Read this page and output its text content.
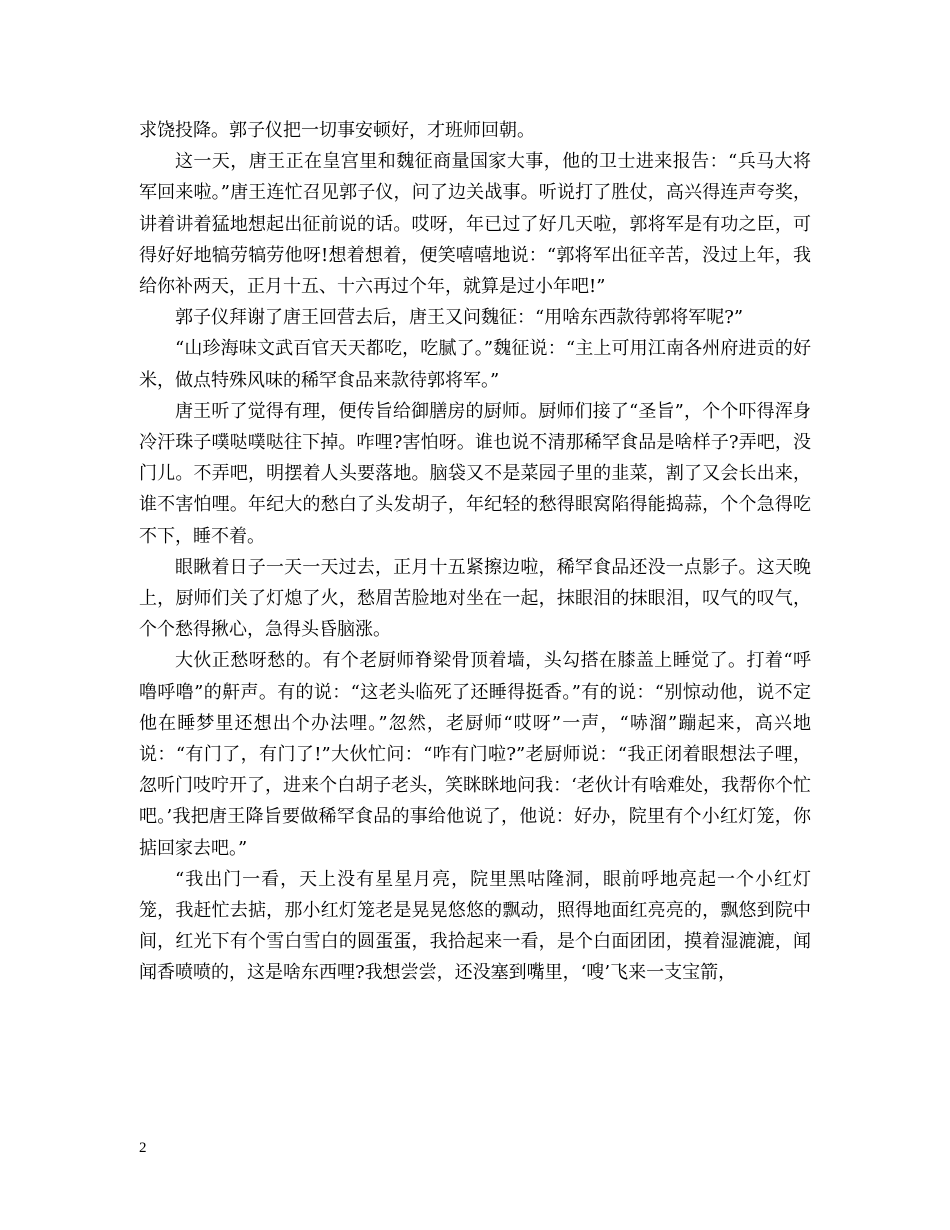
求饶投降。郭子仪把一切事安顿好，才班师回朝。

这一天，唐王正在皇宫里和魏征商量国家大事，他的卫士进来报告：“兵马大将军回来啦。”唐王连忙召见郭子仪，问了边关战事。听说打了胜仗，高兴得连声夸奖，讲着讲着猛地想起出征前说的话。哎呀，年已过了好几天啦，郭将军是有功之臣，可得好好地犒劳犒劳他呀!想着想着，便笑嘻嘻地说：“郭将军出征辛苦，没过上年，我给你补两天，正月十五、十六再过个年，就算是过小年吧!”

郭子仪拜谢了唐王回营去后，唐王又问魏征：“用啥东西款待郭将军呢?”

“山珍海味文武百官天天都吃，吃腻了。”魏征说：“主上可用江南各州府进贡的好米，做点特殊风味的稀罕食品来款待郭将军。”

唐王听了觉得有理，便传旨给御膳房的厨师。厨师们接了“圣旨”，个个吓得浑身冷汗珠子噗哒噗哒往下掉。咋哩?害怕呀。谁也说不清那稀罕食品是啥样子?弄吧，没门儿。不弄吧，明摆着人头要落地。脑袋又不是菜园子里的韭菜，割了又会长出来，谁不害怕哩。年纪大的愁白了头发胡子，年纪轻的愁得眼窝陷得能捣蒜，个个急得吃不下，睡不着。

眼瞅着日子一天一天过去，正月十五紧擦边啦，稀罕食品还没一点影子。这天晚上，厨师们关了灯熄了火，愁眉苦脸地对坐在一起，抹眼泪的抹眼泪，叹气的叹气，个个愁得揪心，急得头昏脑涨。

大伙正愁呀愁的。有个老厨师脊梁骨顶着墙，头勾搭在膝盖上睡觉了。打着“呼噜呼噜”的鼾声。有的说：“这老头临死了还睡得挺香。”有的说：“别惊动他，说不定他在睡梦里还想出个办法哩。”忽然，老厨师“哎呀”一声，“哧溜”蹦起来，高兴地说：“有门了，有门了!”大伙忙问：“咋有门啦?”老厨师说：“我正闭着眼想法子哩，忽听门吱咛开了，进来个白胡子老头，笑眯眯地问我：‘老伙计有啥难处，我帮你个忙吧。’我把唐王降旨要做稀罕食品的事给他说了，他说：好办，院里有个小红灯笼，你掂回家去吧。”

“我出门一看，天上没有星星月亮，院里黑咕隆洞，眼前呼地亮起一个小红灯笼，我赶忙去掂，那小红灯笼老是晃晃悠悠的飘动，照得地面红亮亮的，飘悠到院中间，红光下有个雪白雪白的圆蛋蛋，我拾起来一看，是个白面团团，摸着湿漉漉，闻闻香喷喷的，这是啥东西哩?我想尝尝，还没塞到嘴里，‘嗖’飞来一支宝箭，

2
